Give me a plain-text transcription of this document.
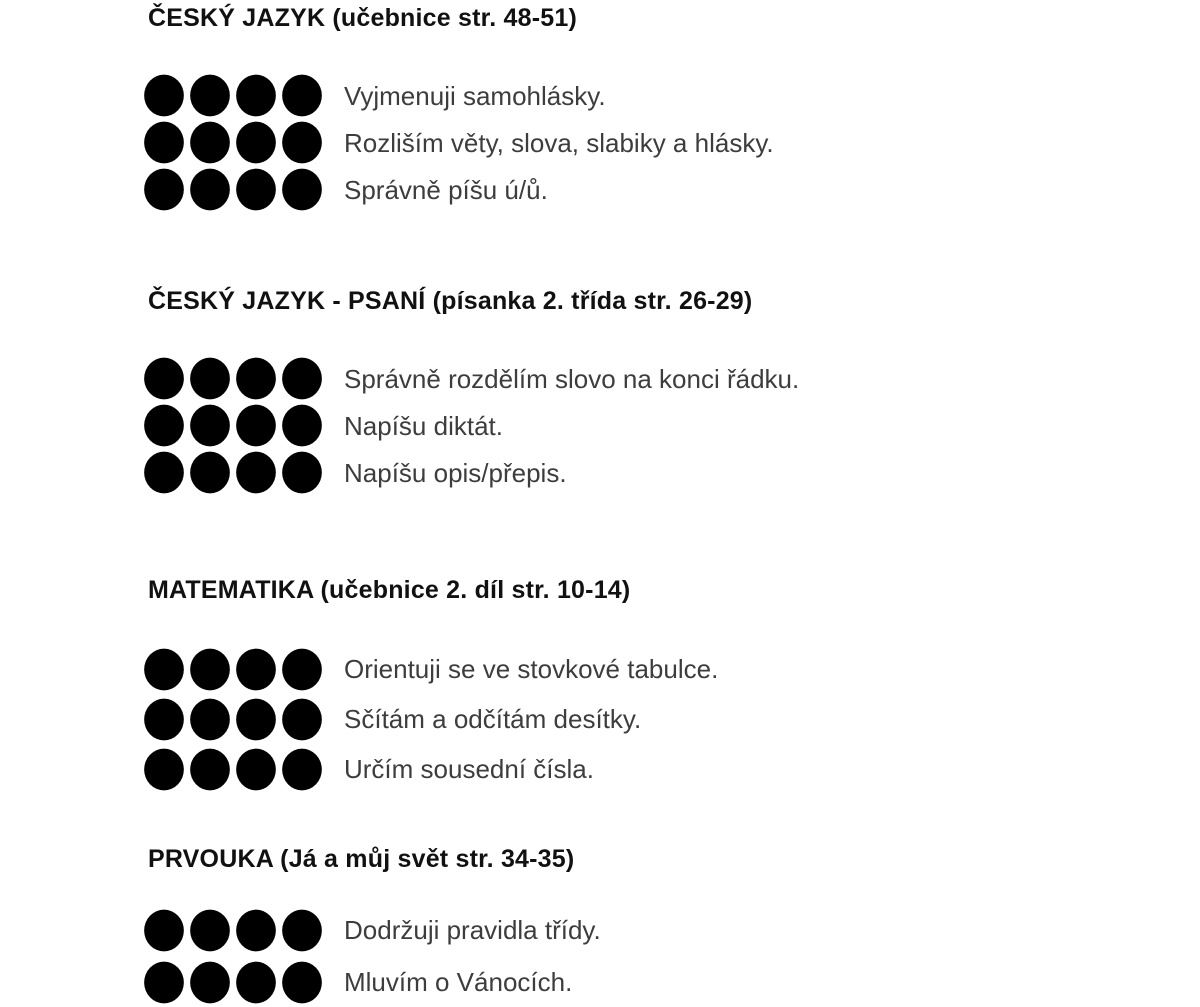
ČESKÝ JAZYK (učebnice str. 48-51)
Vyjmenuji samohlásky.
Rozliším věty, slova, slabiky a hlásky.
Správně píšu ú/ů.
ČESKÝ JAZYK - PSANÍ (písanka 2. třída str. 26-29)
Správně rozdělím slovo na konci řádku.
Napíšu diktát.
Napíšu opis/přepis.
MATEMATIKA (učebnice 2. díl str. 10-14)
Orientuji se ve stovkové tabulce.
Sčítám a odčítám desítky.
Určím sousední čísla.
PRVOUKA (Já a můj svět str. 34-35)
Dodržuji pravidla třídy.
Mluvím o Vánocích.
